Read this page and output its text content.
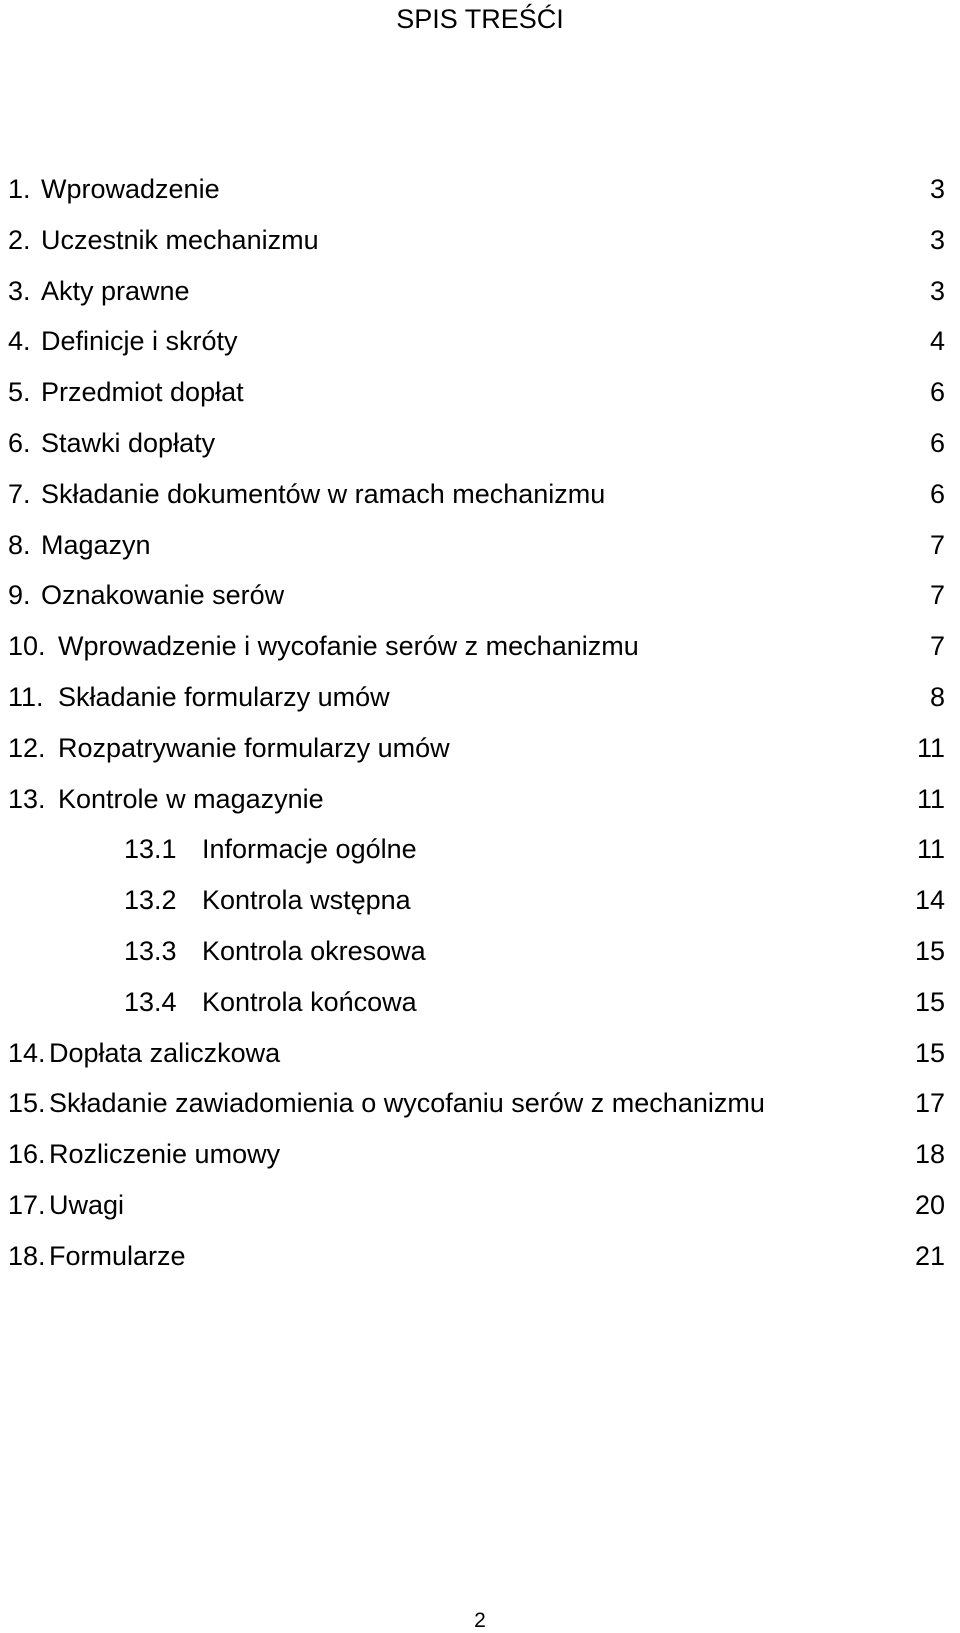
SPIS TREŚĆI
1. Wprowadzenie	3
2. Uczestnik mechanizmu	3
3. Akty prawne	3
4. Definicje i skróty	4
5. Przedmiot dopłat	6
6. Stawki dopłaty	6
7. Składanie dokumentów w ramach mechanizmu	6
8. Magazyn	7
9. Oznakowanie serów	7
10. Wprowadzenie i wycofanie serów z mechanizmu	7
11. Składanie formularzy umów	8
12. Rozpatrywanie formularzy umów	11
13. Kontrole w magazynie	11
13.1 Informacje ogólne	11
13.2 Kontrola wstępna	14
13.3 Kontrola okresowa	15
13.4 Kontrola końcowa	15
14. Dopłata zaliczkowa	15
15. Składanie zawiadomienia o wycofaniu serów z mechanizmu	17
16. Rozliczenie umowy	18
17. Uwagi	20
18. Formularze	21
2
